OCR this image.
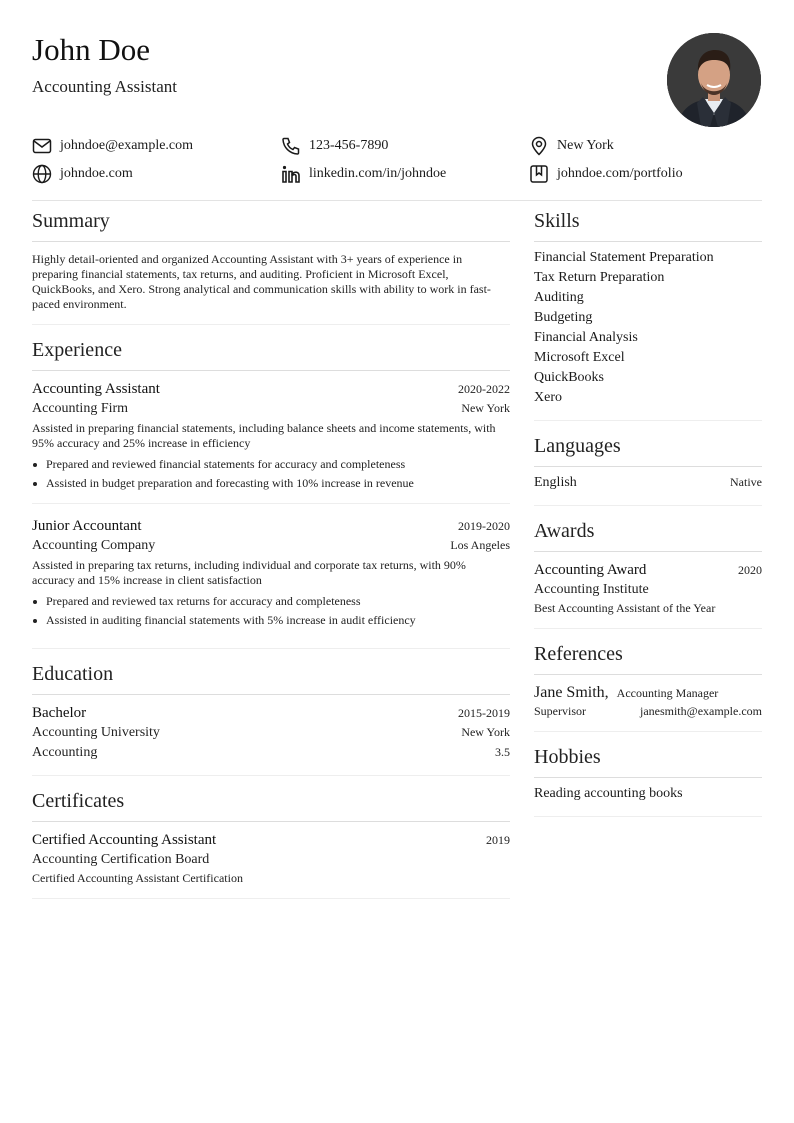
John Doe
Accounting Assistant
johndoe@example.com	123-456-7890	New York
johndoe.com	linkedin.com/in/johndoe	johndoe.com/portfolio
Summary
Highly detail-oriented and organized Accounting Assistant with 3+ years of experience in preparing financial statements, tax returns, and auditing. Proficient in Microsoft Excel, QuickBooks, and Xero. Strong analytical and communication skills with ability to work in fast-paced environment.
Experience
Accounting Assistant	2020-2022
Accounting Firm	New York
Assisted in preparing financial statements, including balance sheets and income statements, with 95% accuracy and 25% increase in efficiency
Prepared and reviewed financial statements for accuracy and completeness
Assisted in budget preparation and forecasting with 10% increase in revenue
Junior Accountant	2019-2020
Accounting Company	Los Angeles
Assisted in preparing tax returns, including individual and corporate tax returns, with 90% accuracy and 15% increase in client satisfaction
Prepared and reviewed tax returns for accuracy and completeness
Assisted in auditing financial statements with 5% increase in audit efficiency
Education
Bachelor	2015-2019
Accounting University	New York
Accounting	3.5
Certificates
Certified Accounting Assistant	2019
Accounting Certification Board
Certified Accounting Assistant Certification
Skills
Financial Statement Preparation
Tax Return Preparation
Auditing
Budgeting
Financial Analysis
Microsoft Excel
QuickBooks
Xero
Languages
English	Native
Awards
Accounting Award	2020
Accounting Institute
Best Accounting Assistant of the Year
References
Jane Smith, Accounting Manager
Supervisor	janesmith@example.com
Hobbies
Reading accounting books
